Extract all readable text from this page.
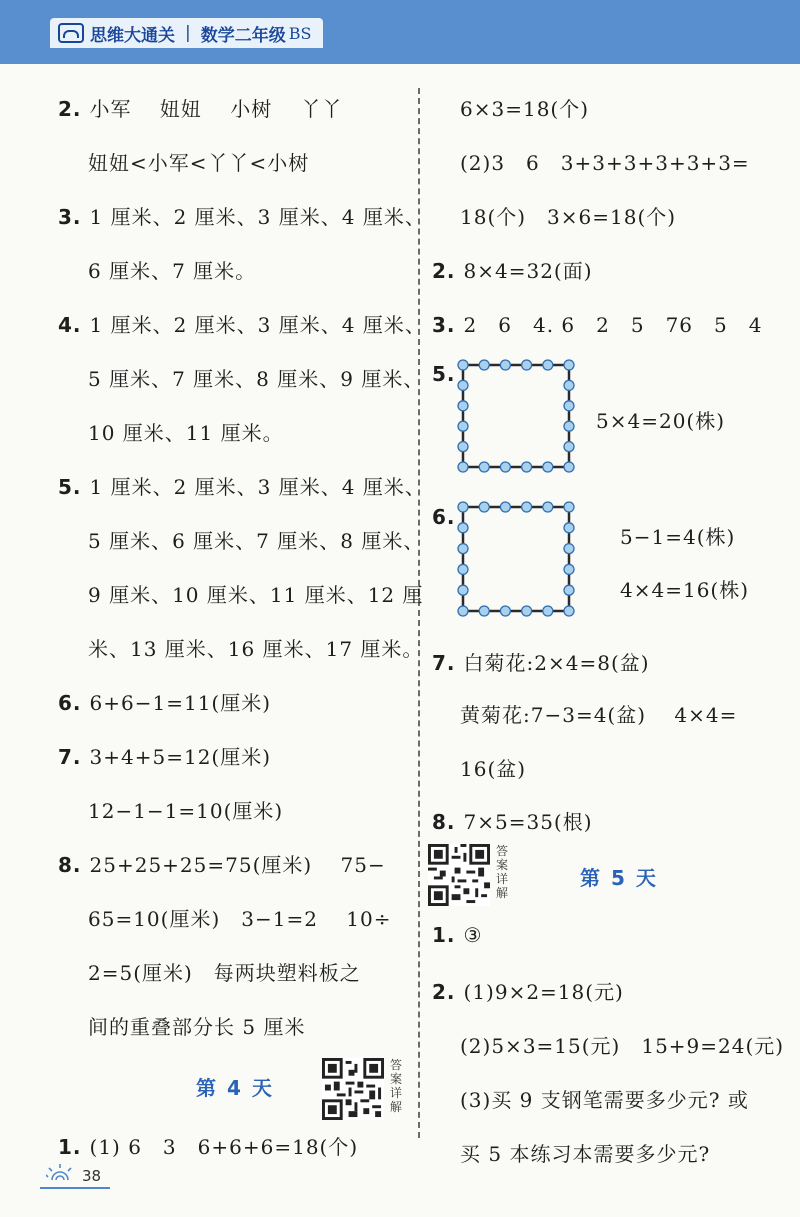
思维大通关 | 数学二年级 BS
2. 小军　 妞妞　 小树　 丫丫
妞妞<小军<丫丫<小树
3. 1 厘米、2 厘米、3 厘米、4 厘米、
6 厘米、7 厘米。
4. 1 厘米、2 厘米、3 厘米、4 厘米、
5 厘米、7 厘米、8 厘米、9 厘米、
10 厘米、11 厘米。
5. 1 厘米、2 厘米、3 厘米、4 厘米、
5 厘米、6 厘米、7 厘米、8 厘米、
9 厘米、10 厘米、11 厘米、12 厘
米、13 厘米、16 厘米、17 厘米。
6. 6+6−1=11(厘米)
7. 3+4+5=12(厘米)
12−1−1=10(厘米)
8. 25+25+25=75(厘米)　 75−
65=10(厘米)　3−1=2　 10÷
2=5(厘米)　每两块塑料板之
间的重叠部分长 5 厘米
第 4 天
答案详解
1. (1) 6　3　6+6+6=18(个)
6×3=18(个)
(2)3　6　3+3+3+3+3+3=
18(个)　3×6=18(个)
2. 8×4=32(面)
3. 2　6　4. 6　2　5　76　5　4
5.
5×4=20(株)
6.
5−1=4(株)
4×4=16(株)
7. 白菊花:2×4=8(盆)
黄菊花:7−3=4(盆)　 4×4=
16(盆)
8. 7×5=35(根)
答案详解
第 5 天
1. ③
2. (1)9×2=18(元)
(2)5×3=15(元)　15+9=24(元)
(3)买 9 支钢笔需要多少元? 或
买 5 本练习本需要多少元?
38
